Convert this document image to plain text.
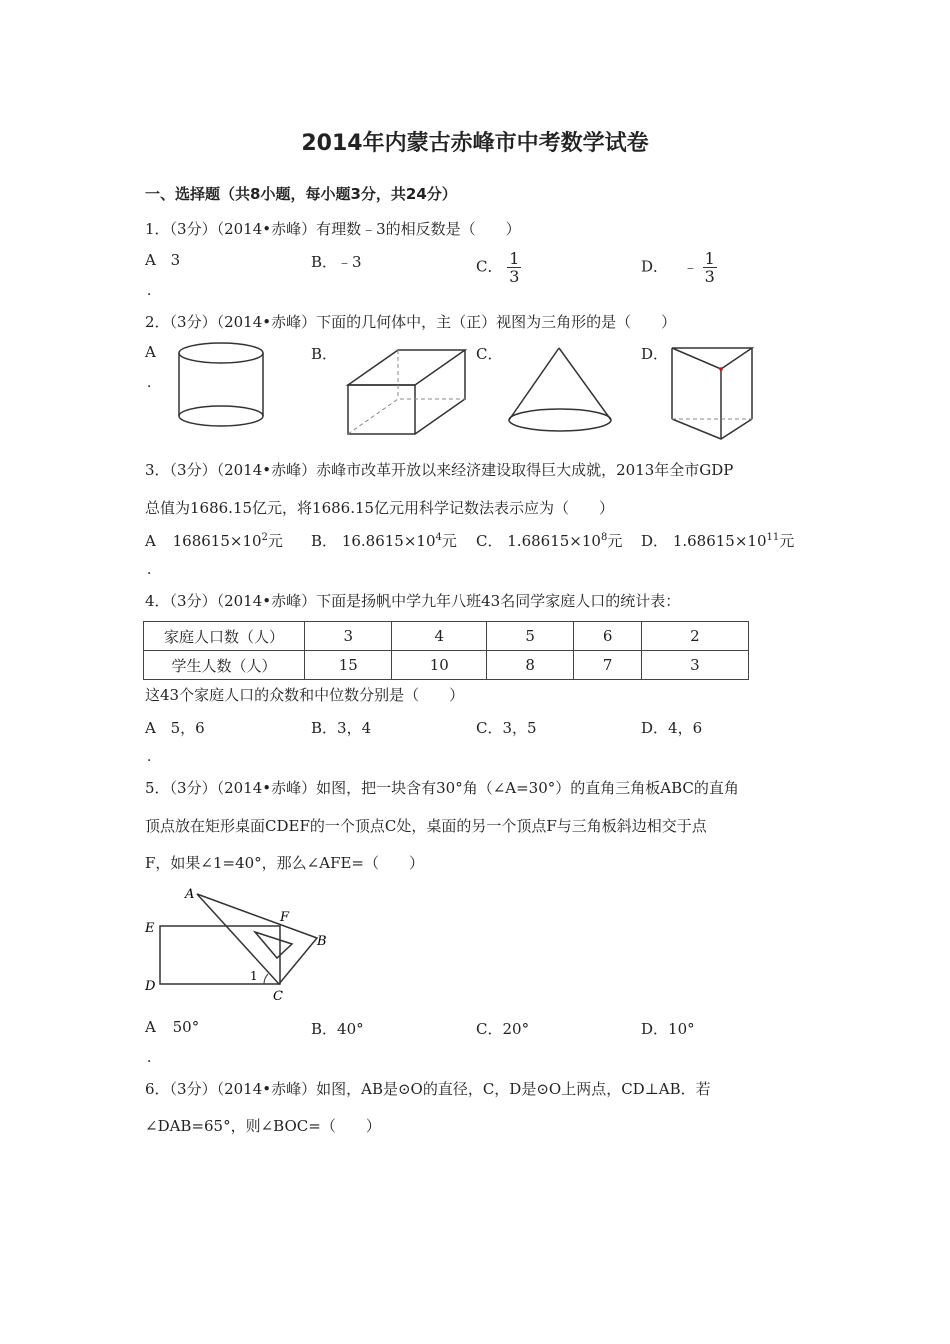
2014年内蒙古赤峰市中考数学试卷
一、选择题（共8小题，每小题3分，共24分）
1．（3分）（2014•赤峰）有理数﹣3的相反数是（　　）
A 3
．
B．﹣3	C． $\frac{1}{3}$	D． ﹣ $\frac{1}{3}$
2．（3分）（2014•赤峰）下面的几何体中，主（正）视图为三角形的是（　　）
A
．
B．	C．	D．
3．（3分）（2014•赤峰）赤峰市改革开放以来经济建设取得巨大成就，2013年全市GDP
总值为1686.15亿元，将1686.15亿元用科学记数法表示应为（　　）
A $168615\times 10^2$元
．
B． $16.8615\times 10^4$元 C． $1.68615\times 10^8$元 D． $1.68615\times 10^{11}$元
4．（3分）（2014•赤峰）下面是扬帆中学九年八班43名同学家庭人口的统计表：
家庭人口数（人）	3	4	5	6	2
学生人数（人）	15	10	8	7	3
这43个家庭人口的众数和中位数分别是（　　）
A 5，6
．
B．3，4	C．3，5	D．4，6
5．（3分）（2014•赤峰）如图，把一块含有30°角（∠A=30°）的直角三角板ABC的直角
顶点放在矩形桌面CDEF的一个顶点C处，桌面的另一个顶点F与三角板斜边相交于点
F，如果∠1=40°，那么∠AFE=（　　）
A
F
B
E
D
C
1
A 50°
．
B．40°	C．20°	D．10°
6．（3分）（2014•赤峰）如图，AB是⊙O的直径，C，D是⊙O上两点，CD⊥AB．若
∠DAB=65°，则∠BOC=（　　）
